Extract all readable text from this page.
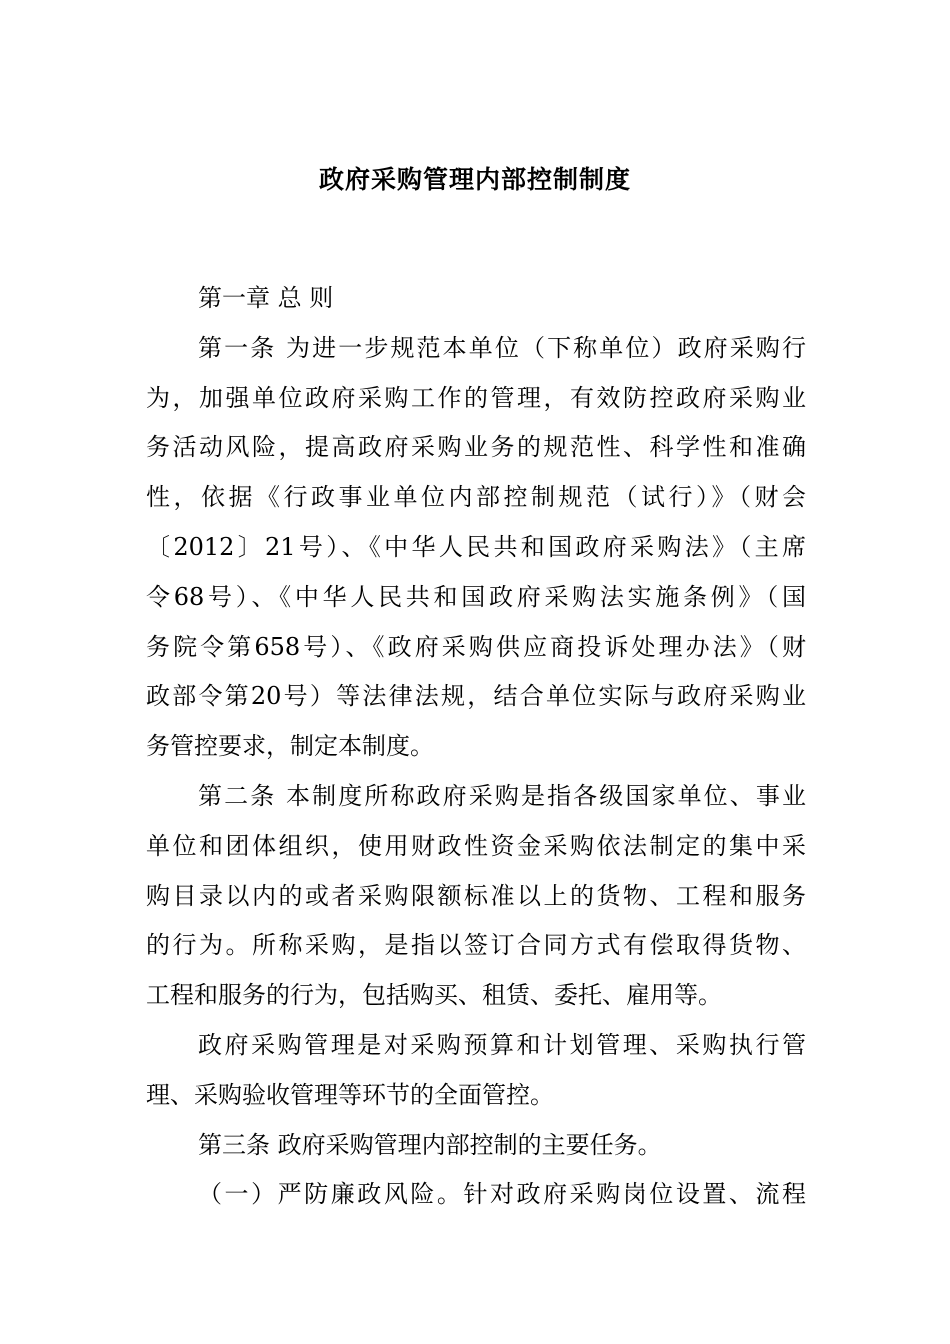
政府采购管理内部控制制度
第一章 总 则
第一条 为进一步规范本单位（下称单位）政府采购行
为，加强单位政府采购工作的管理，有效防控政府采购业
务活动风险，提高政府采购业务的规范性、科学性和准确
性，依据《行政事业单位内部控制规范（试行）》（财会
〔2012〕21号）、《中华人民共和国政府采购法》（主席
令68号）、《中华人民共和国政府采购法实施条例》（国
务院令第658号）、《政府采购供应商投诉处理办法》（财
政部令第20号）等法律法规，结合单位实际与政府采购业
务管控要求，制定本制度。
第二条 本制度所称政府采购是指各级国家单位、事业
单位和团体组织，使用财政性资金采购依法制定的集中采
购目录以内的或者采购限额标准以上的货物、工程和服务
的行为。所称采购，是指以签订合同方式有偿取得货物、
工程和服务的行为，包括购买、租赁、委托、雇用等。
政府采购管理是对采购预算和计划管理、采购执行管
理、采购验收管理等环节的全面管控。
第三条 政府采购管理内部控制的主要任务。
（一）严防廉政风险。针对政府采购岗位设置、流程
